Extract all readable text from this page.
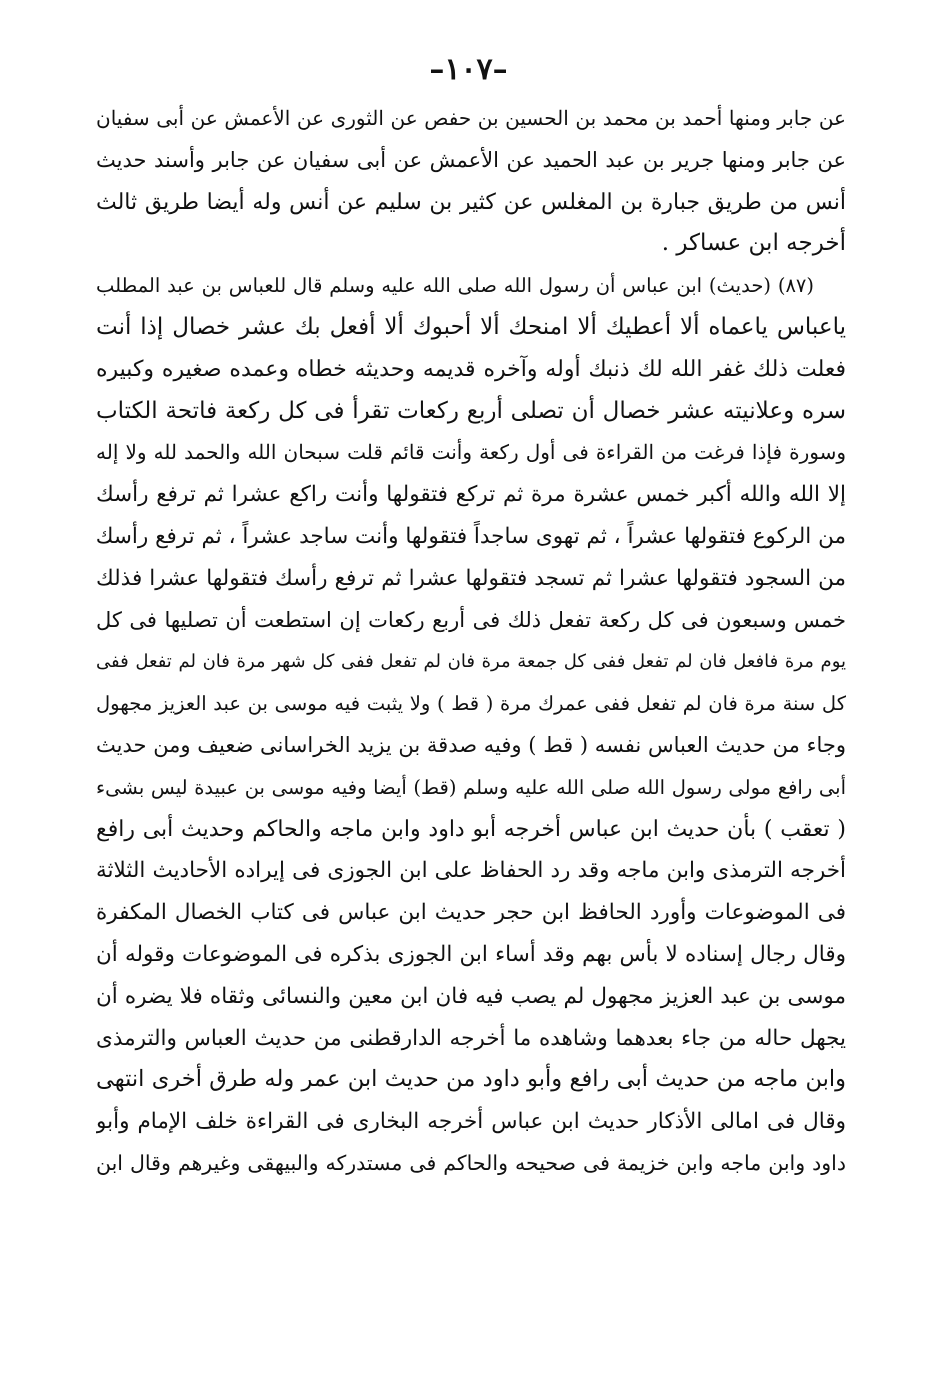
–١٠٧–
عن جابر ومنها أحمد بن محمد بن الحسين بن حفص عن الثورى عن الأعمش عن أبى سفيان
عن جابر ومنها جرير بن عبد الحميد عن الأعمش عن أبى سفيان عن جابر وأسند حديث
أنس من طريق جبارة بن المغلس عن كثير بن سليم عن أنس وله أيضا طريق ثالث
أخرجه ابن عساكر .
(٨٧) (حديث) ابن عباس أن رسول الله صلى الله عليه وسلم قال للعباس بن عبد المطلب
ياعباس ياعماه ألا أعطيك ألا امنحك ألا أحبوك ألا أفعل بك عشر خصال إذا أنت
فعلت ذلك غفر الله لك ذنبك أوله وآخره قديمه وحديثه خطاه وعمده صغيره وكبيره
سره وعلانيته عشر خصال أن تصلى أربع ركعات تقرأ فى كل ركعة فاتحة الكتاب
وسورة فإذا فرغت من القراءة فى أول ركعة وأنت قائم قلت سبحان الله والحمد لله ولا إله
إلا الله والله أكبر خمس عشرة مرة ثم تركع فتقولها وأنت راكع عشرا ثم ترفع رأسك
من الركوع فتقولها عشراً ، ثم تهوى ساجداً فتقولها وأنت ساجد عشراً ، ثم ترفع رأسك
من السجود فتقولها عشرا ثم تسجد فتقولها عشرا ثم ترفع رأسك فتقولها عشرا فذلك
خمس وسبعون فى كل ركعة تفعل ذلك فى أربع ركعات إن استطعت أن تصليها فى كل
يوم مرة فافعل فان لم تفعل ففى كل جمعة مرة فان لم تفعل ففى كل شهر مرة فان لم تفعل ففى
كل سنة مرة فان لم تفعل ففى عمرك مرة ( قط ) ولا يثبت فيه موسى بن عبد العزيز مجهول
وجاء من حديث العباس نفسه ( قط ) وفيه صدقة بن يزيد الخراسانى ضعيف ومن حديث
أبى رافع مولى رسول الله صلى الله عليه وسلم (قط) أيضا وفيه موسى بن عبيدة ليس بشىء
( تعقب ) بأن حديث ابن عباس أخرجه أبو داود وابن ماجه والحاكم وحديث أبى رافع
أخرجه الترمذى وابن ماجه وقد رد الحفاظ على ابن الجوزى فى إيراده الأحاديث الثلاثة
فى الموضوعات وأورد الحافظ ابن حجر حديث ابن عباس فى كتاب الخصال المكفرة
وقال رجال إسناده لا بأس بهم وقد أساء ابن الجوزى بذكره فى الموضوعات وقوله أن
موسى بن عبد العزيز مجهول لم يصب فيه فان ابن معين والنسائى وثقاه فلا يضره أن
يجهل حاله من جاء بعدهما وشاهده ما أخرجه الدارقطنى من حديث العباس والترمذى
وابن ماجه من حديث أبى رافع وأبو داود من حديث ابن عمر وله طرق أخرى انتهى
وقال فى امالى الأذكار حديث ابن عباس أخرجه البخارى فى القراءة خلف الإمام وأبو
داود وابن ماجه وابن خزيمة فى صحيحه والحاكم فى مستدركه والبيهقى وغيرهم وقال ابن
